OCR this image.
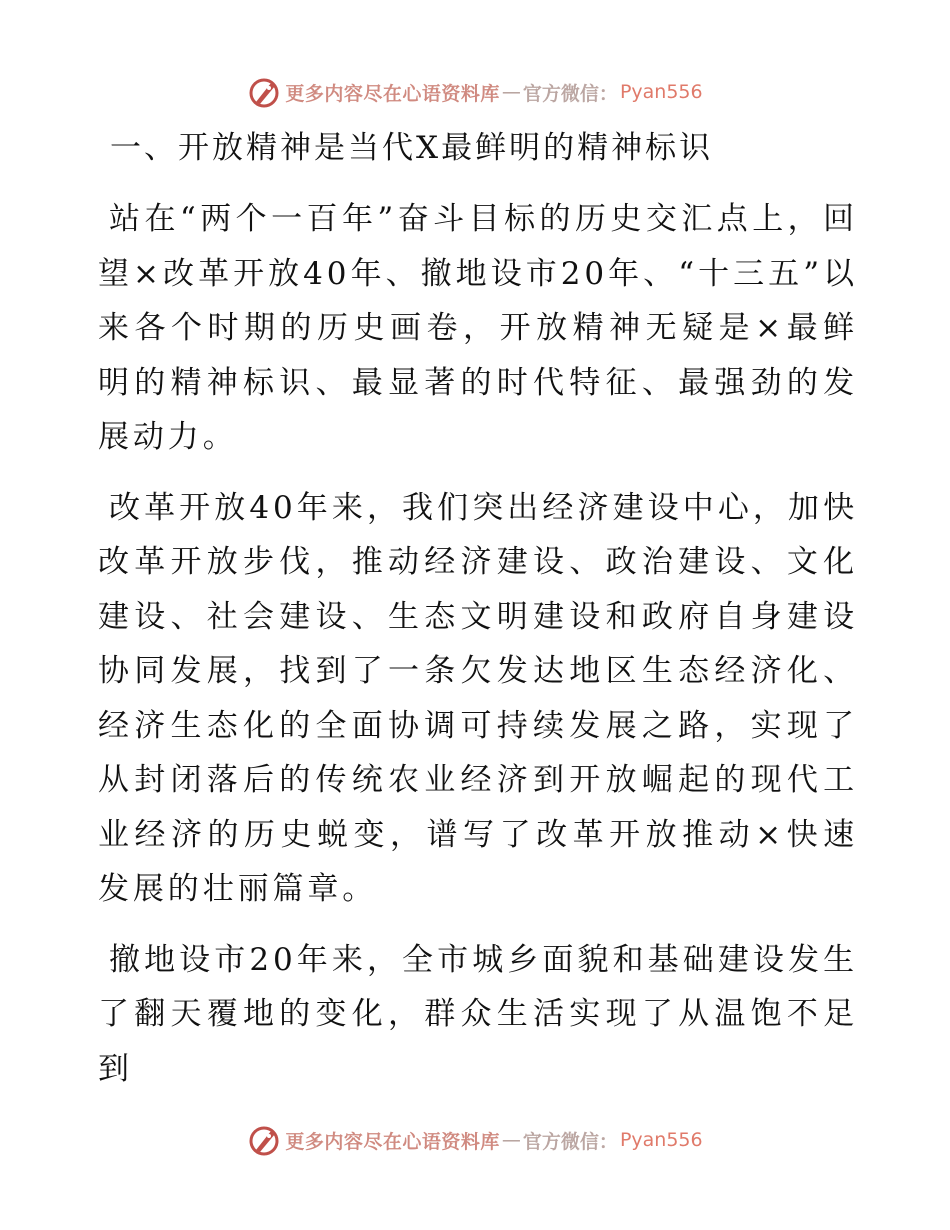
更多内容尽在心语资料库 — 官方微信： Pyan556
一、开放精神是当代X最鲜明的精神标识

站在“两个一百年”奋斗目标的历史交汇点上，回望×改革开放40年、撤地设市20年、“十三五”以来各个时期的历史画卷，开放精神无疑是×最鲜明的精神标识、最显著的时代特征、最强劲的发展动力。

改革开放40年来，我们突出经济建设中心，加快改革开放步伐，推动经济建设、政治建设、文化建设、社会建设、生态文明建设和政府自身建设协同发展，找到了一条欠发达地区生态经济化、经济生态化的全面协调可持续发展之路，实现了从封闭落后的传统农业经济到开放崛起的现代工业经济的历史蜕变，谱写了改革开放推动×快速发展的壮丽篇章。

撤地设市20年来，全市城乡面貌和基础建设发生了翻天覆地的变化，群众生活实现了从温饱不足到

更多内容尽在心语资料库 — 官方微信： Pyan556
